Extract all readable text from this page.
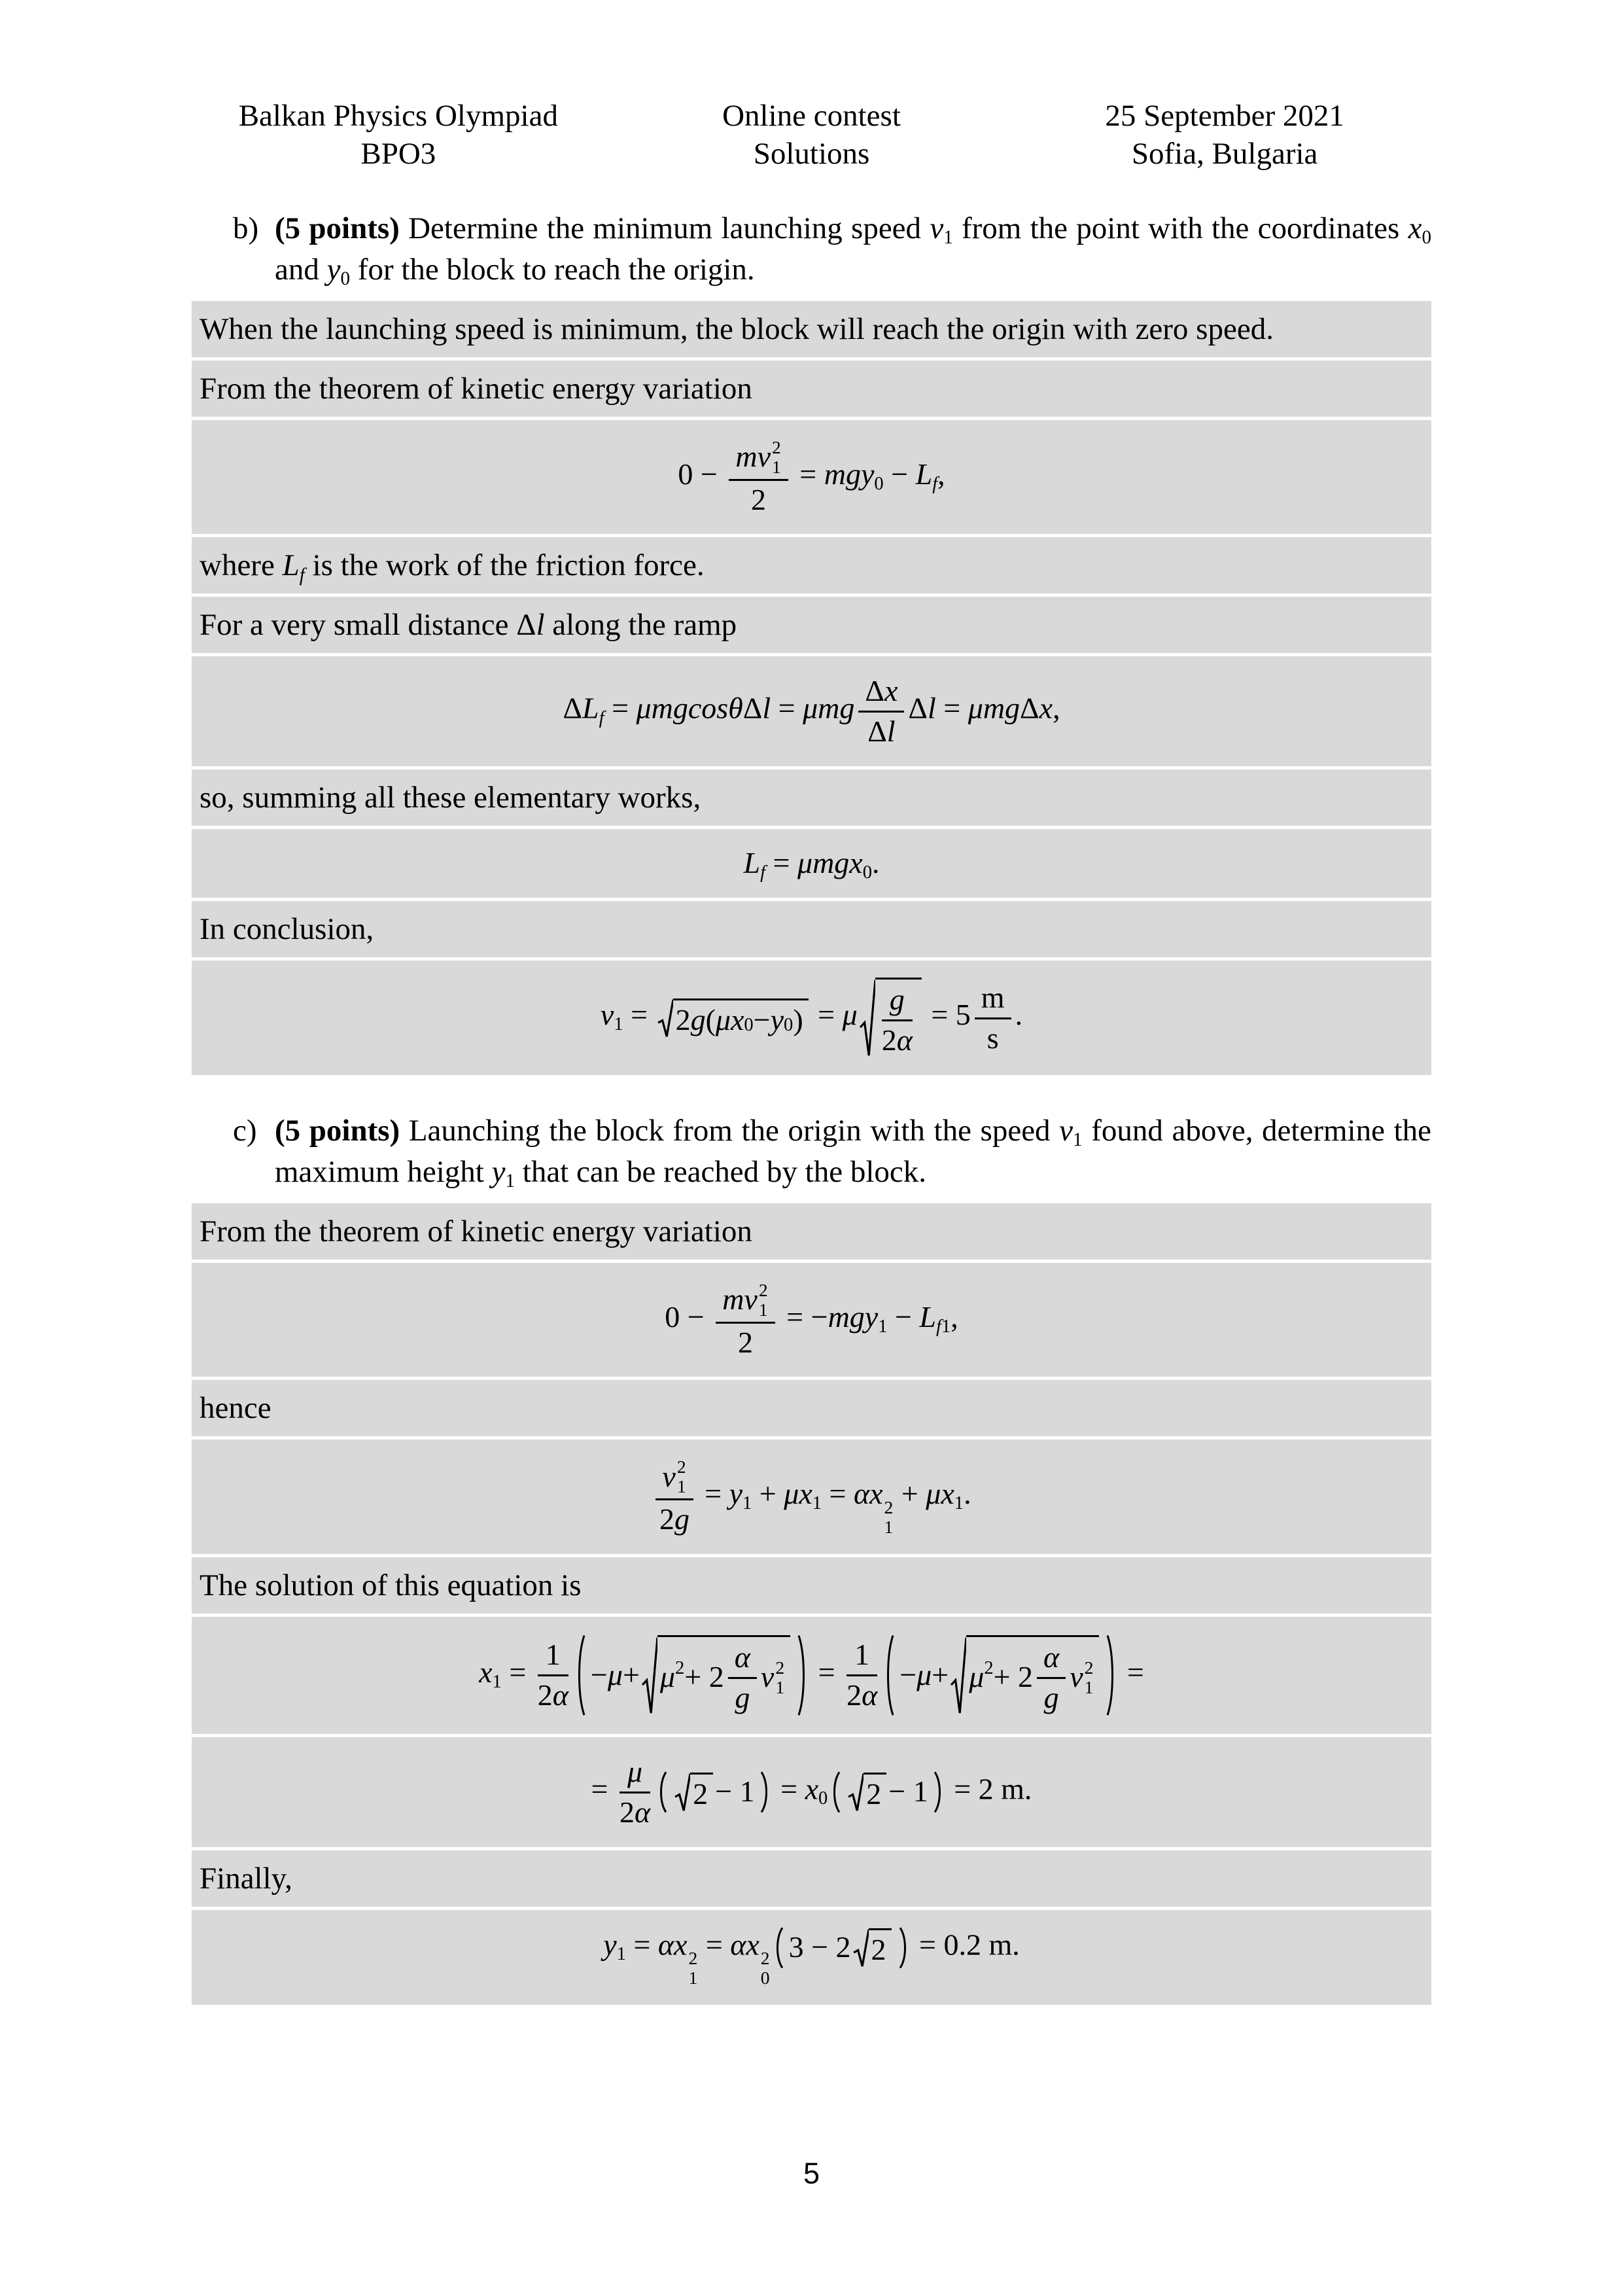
Balkan Physics Olympiad
BPO3
Online contest
Solutions
25 September 2021
Sofia, Bulgaria
b) (5 points) Determine the minimum launching speed $v_1$ from the point with the coordinates $x_0$ and $y_0$ for the block to reach the origin.

When the launching speed is minimum, the block will reach the origin with zero speed.

From the theorem of kinetic energy variation

0 − m v 2
1
$2 = mgy_0 - L_f$,

where $L_f$ is the work of the friction force.

For a very small distance Δl along the ramp

$\Delta L_f = \mu mgcos\theta\Delta l = \mu mg \frac{\text{Δ x}}{\text{Δ l}}$ Δl = μmgΔx,

so, summing all these elementary works,

$L_f = \mu mgx_0$.

In conclusion,

$v_1 = 2$ g ( $\mu x_0 - y_0$ ) = μ $\frac{g}{2 \alpha} = 5 \frac{m}{s}$ .
c) (5 points) Launching the block from the origin with the speed $v_1$ found above, determine the maximum height $y_1$ that can be reached by the block.

From the theorem of kinetic energy variation

0 − m v 2
1
$2 = -mgy_1 - L_{f1}$,

hence

v 2
1
2 $g = y_1 + \mu x_1 = \alpha x$ 2
1
+ $\mu x_1$.

The solution of this equation is

$x_1 = \frac{1}{2 \alpha} - \mu + \mu^2 + 2 \frac{\alpha}{g}$ v 2
$1 = \frac{1}{2 \alpha} - \mu + \mu^2 + 2 \frac{\alpha}{g}$ v 2
1 =
= $\frac{\mu}{2 \alpha} 2 - 1 = x_0$ 2 − 1 = 2 m.

Finally,

$y_1 = \alpha x$ 2
1
= αx 2
0
3 − 2 2 = 0.2 m.
5
